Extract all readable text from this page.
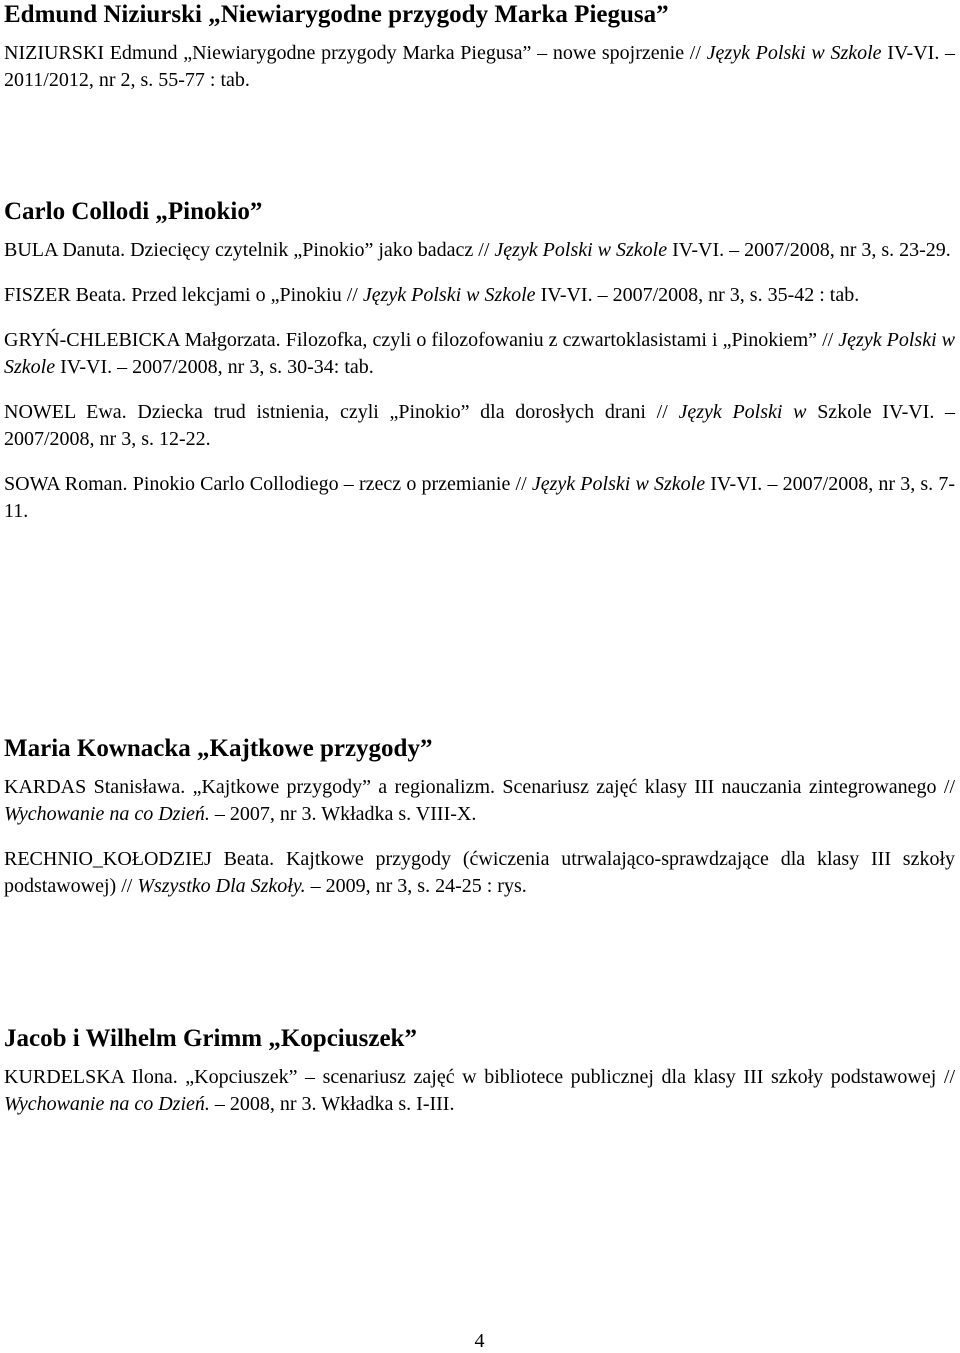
Edmund Niziurski „Niewiarygodne przygody Marka Piegusa”

NIZIURSKI Edmund „Niewiarygodne przygody Marka Piegusa” – nowe spojrzenie // Język Polski w Szkole IV-VI. – 2011/2012, nr 2, s. 55-77 : tab.

Carlo Collodi „Pinokio”

BULA Danuta. Dziecięcy czytelnik „Pinokio” jako badacz // Język Polski w Szkole IV-VI. – 2007/2008, nr 3, s. 23-29.

FISZER Beata. Przed lekcjami o „Pinokiu // Język Polski w Szkole IV-VI. – 2007/2008, nr 3, s. 35-42 : tab.

GRYŃ-CHLEBICKA Małgorzata. Filozofka, czyli o filozofowaniu z czwartoklasistami i „Pinokiem” // Język Polski w Szkole IV-VI. – 2007/2008, nr 3, s. 30-34: tab.

NOWEL Ewa. Dziecka trud istnienia, czyli „Pinokio” dla dorosłych drani // Język Polski w Szkole IV-VI. – 2007/2008, nr 3, s. 12-22.

SOWA Roman. Pinokio Carlo Collodiego – rzecz o przemianie // Język Polski w Szkole IV-VI. – 2007/2008, nr 3, s. 7-11.

Maria Kownacka „Kajtkowe przygody”

KARDAS Stanisława. „Kajtkowe przygody” a regionalizm. Scenariusz zajęć klasy III nauczania zintegrowanego // Wychowanie na co Dzień. – 2007, nr 3. Wkładka s. VIII-X.

RECHNIO_KOŁODZIEJ Beata. Kajtkowe przygody (ćwiczenia utrwalająco-sprawdzające dla klasy III szkoły podstawowej) // Wszystko Dla Szkoły. – 2009, nr 3, s. 24-25 : rys.

Jacob i Wilhelm Grimm „Kopciuszek”

KURDELSKA Ilona. „Kopciuszek” – scenariusz zajęć w bibliotece publicznej dla klasy III szkoły podstawowej // Wychowanie na co Dzień. – 2008, nr 3. Wkładka s. I-III.

4
